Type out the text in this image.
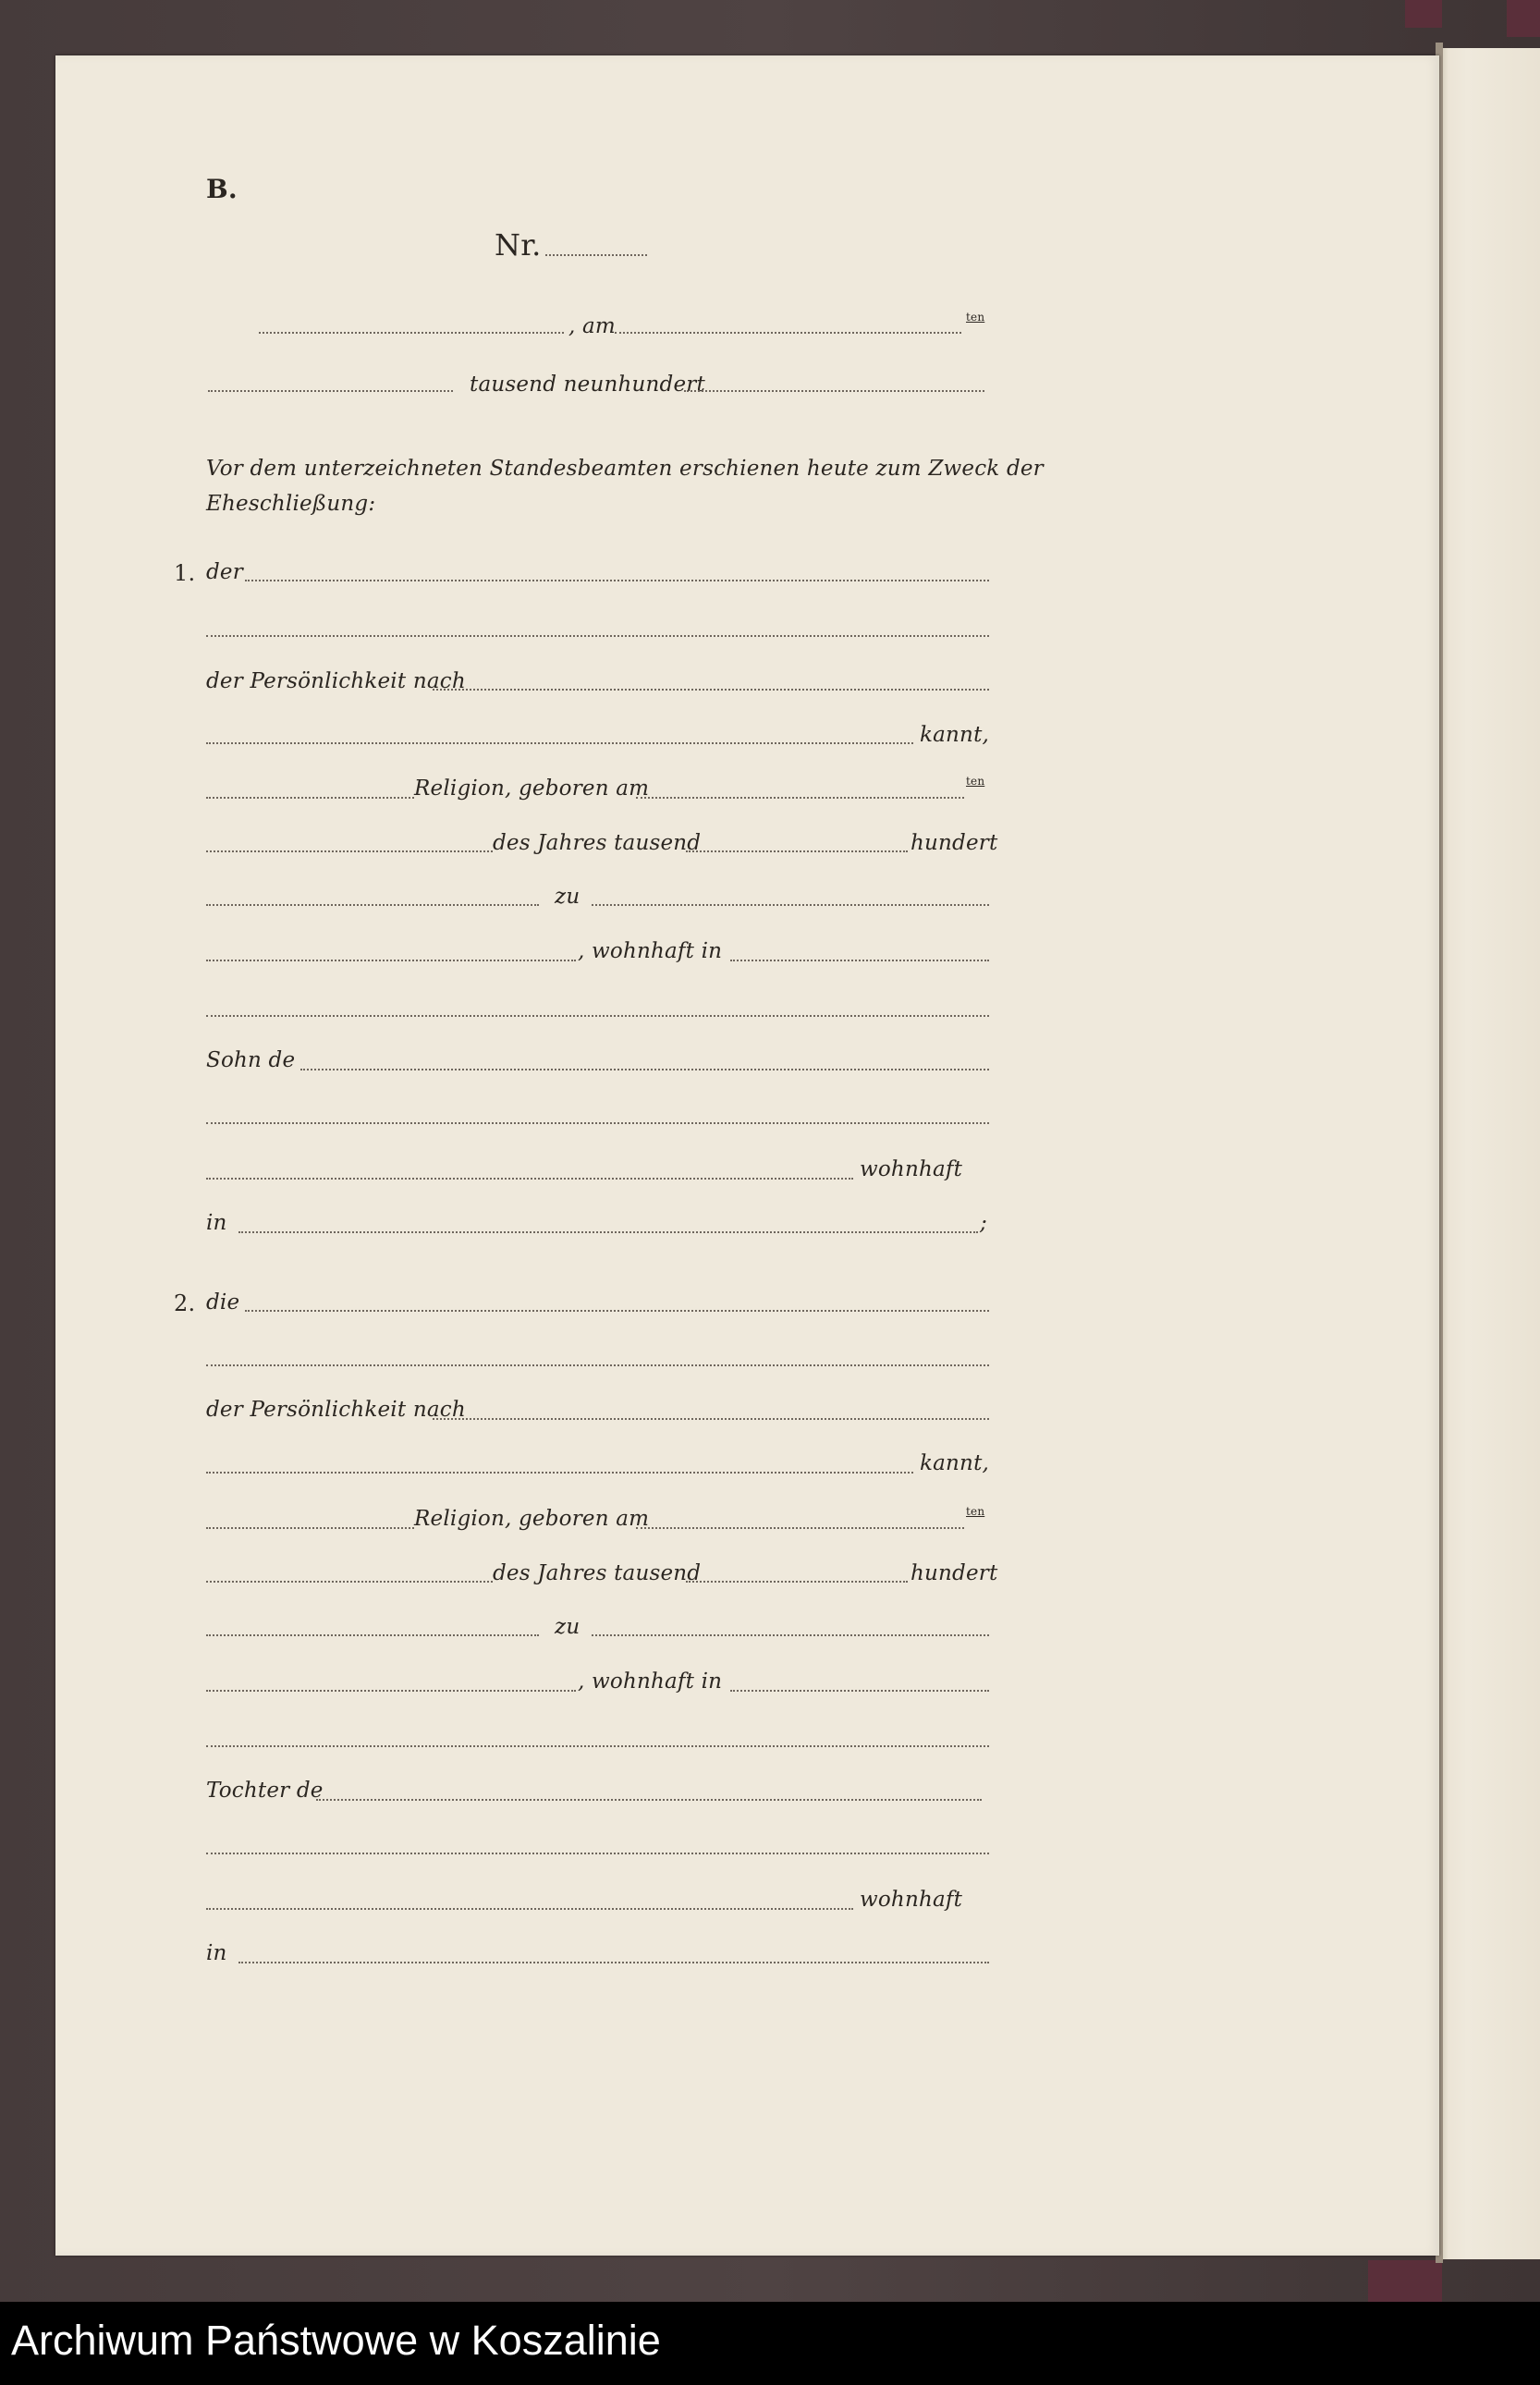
B.
Nr.
, am	ten
tausend neunhundert
Vor dem unterzeichneten Standesbeamten erschienen heute zum Zweck der
Eheschließung:
1. der
der Persönlichkeit nach
kannt,
Religion, geboren am	ten
des Jahres tausend	hundert
zu
, wohnhaft in
Sohn de
wohnhaft
in	;
2. die
der Persönlichkeit nach
kannt,
Religion, geboren am	ten
des Jahres tausend	hundert
zu
, wohnhaft in
Tochter de
wohnhaft
in
Archiwum Państwowe w Koszalinie
